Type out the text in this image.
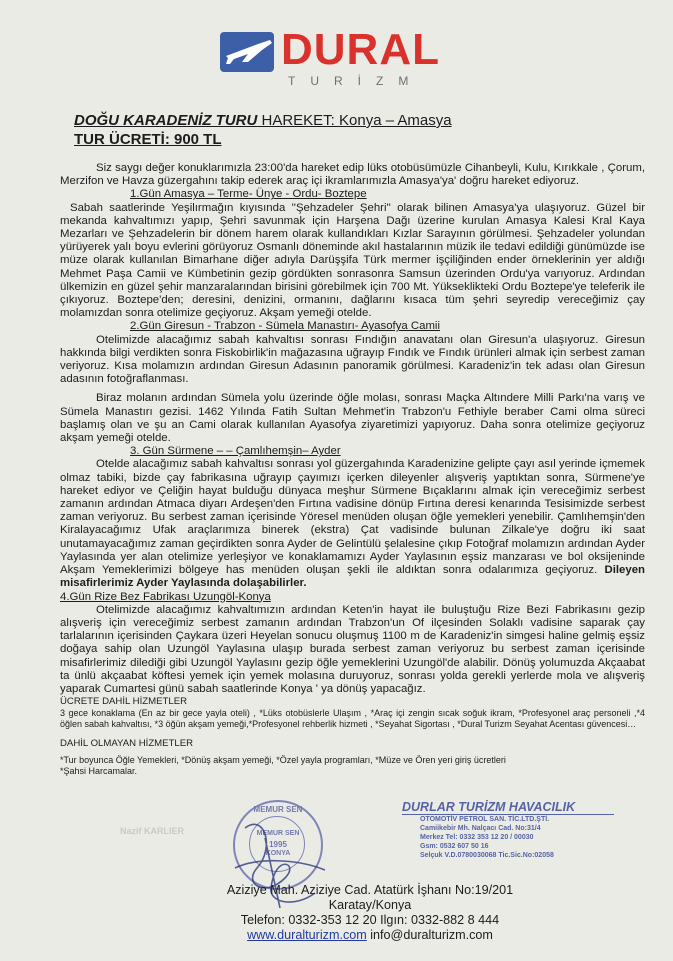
DURAL
TURİZM
DOĞU KARADENİZ TURU HAREKET: Konya – Amasya
TUR ÜCRETİ: 900 TL

Siz saygı değer konuklarımızla 23:00'da hareket edip lüks otobüsümüzle Cihanbeyli, Kulu, Kırıkkale , Çorum, Merzifon ve Havza güzergahını takip ederek araç içi ikramlarımızla Amasya'ya' doğru hareket ediyoruz.

1.Gün Amasya – Terme- Ünye - Ordu- Boztepe

Sabah saatlerinde Yeşilırmağın kıyısında ''Şehzadeler Şehri'' olarak bilinen Amasya'ya ulaşıyoruz. Güzel bir mekanda kahvaltımızı yapıp, Şehri savunmak için Harşena Dağı üzerine kurulan Amasya Kalesi Kral Kaya Mezarları ve Şehzadelerin bir dönem harem olarak kullandıkları Kızlar Sarayının görülmesi. Şehzadeler yolundan yürüyerek yalı boyu evlerini görüyoruz Osmanlı döneminde akıl hastalarının müzik ile tedavi edildiği günümüzde ise müze olarak kullanılan Bimarhane diğer adıyla Darüşşifa Türk mermer işçiliğinden ender örneklerinin yer aldığı Mehmet Paşa Camii ve Kümbetinin gezip gördükten sonrasonra Samsun üzerinden Ordu'ya varıyoruz. Ardından ülkemizin en güzel şehir manzaralarından birisini görebilmek için 700 Mt. Yükseklikteki Ordu Boztepe'ye teleferik ile çıkıyoruz. Boztepe'den; deresini, denizini, ormanını, dağlarını kısaca tüm şehri seyredip vereceğimiz çay molamızdan sonra otelimize geçiyoruz. Akşam yemeği otelde.

2.Gün Giresun - Trabzon - Sümela Manastırı- Ayasofya Camii

Otelimizde alacağımız sabah kahvaltısı sonrası Fındığın anavatanı olan Giresun'a ulaşıyoruz. Giresun hakkında bilgi verdikten sonra Fiskobirlik'in mağazasına uğrayıp Fındık ve Fındık ürünleri almak için serbest zaman veriyoruz. Kısa molamızın ardından Giresun Adasının panoramik görülmesi. Karadeniz'in tek adası olan Giresun adasının fotoğraflanması.

Biraz molanın ardından Sümela yolu üzerinde öğle molası, sonrası Maçka Altındere Milli Parkı'na varış ve Sümela Manastırı gezisi. 1462 Yılında Fatih Sultan Mehmet'in Trabzon'u Fethiyle beraber Cami olma süreci başlamış olan ve şu an Cami olarak kullanılan Ayasofya ziyaretimizi yapıyoruz. Daha sonra otelimize geçiyoruz akşam yemeği otelde.

3. Gün Sürmene – – Çamlıhemşin– Ayder

Otelde alacağımız sabah kahvaltısı sonrası yol güzergahında Karadenizine gelipte çayı asıl yerinde içmemek olmaz tabiki, bizde çay fabrikasına uğrayıp çayımızı içerken dileyenler alışveriş yaptıktan sonra, Sürmene'ye hareket ediyor ve Çeliğin hayat bulduğu dünyaca meşhur Sürmene Bıçaklarını almak için vereceğimiz serbest zamanın ardından Atmaca diyarı Ardeşen'den Fırtına vadisine dönüp Fırtına deresi kenarında Tesisimizde serbest zaman veriyoruz. Bu serbest zaman içerisinde Yöresel menüden oluşan öğle yemekleri yenebilir. Çamlıhemşin'den Kiralayacağımız Ufak araçlarımıza binerek (ekstra) Çat vadisinde bulunan Zilkale'ye doğru iki saat unutamayacağımız zaman geçirdikten sonra Ayder de Gelintülü şelalesine çıkıp Fotoğraf molamızın ardından Ayder Yaylasında yer alan otelimize yerleşiyor ve konaklamamızı Ayder Yaylasının eşsiz manzarası ve bol oksijeninde Akşam Yemeklerimizi bölgeye has menüden oluşan şekli ile aldıktan sonra odalarımıza geçiyoruz. Dileyen misafirlerimiz Ayder Yaylasında dolaşabilirler.

4.Gün Rize Bez Fabrikası Uzungöl-Konya

Otelimizde alacağımız kahvaltımızın ardından Keten'in hayat ile buluştuğu Rize Bezi Fabrikasını gezip alışveriş için vereceğimiz serbest zamanın ardından Trabzon'un Of ilçesinden Solaklı vadisine saparak çay tarlalarının içerisinden Çaykara üzeri Heyelan sonucu oluşmuş 1100 m de Karadeniz'in simgesi haline gelmiş eşsiz doğaya sahip olan Uzungöl Yaylasına ulaşıp burada serbest zaman veriyoruz bu serbest zaman içerisinde misafirlerimiz dilediği gibi Uzungöl Yaylasını gezip öğle yemeklerini Uzungöl'de alabilir. Dönüş yolumuzda Akçaabat ta ünlü akçaabat köftesi yemek için yemek molasına duruyoruz, sonrası yolda gerekli yerlerde mola ve alışveriş yaparak Cumartesi günü sabah saatlerinde Konya ' ya dönüş yapacağız.

ÜCRETE DAHİL HİZMETLER

3 gece konaklama (En az bir gece yayla oteli) , *Lüks otobüslerle Ulaşım , *Araç içi zengin sıcak soğuk ikram, *Profesyonel araç personeli ,*4 öğlen sabah kahvaltısı, *3 öğün akşam yemeği,*Profesyonel rehberlik hizmeti , *Seyahat Sigortası , *Dural Turizm Seyahat Acentası güvencesi…

DAHİL OLMAYAN HİZMETLER

*Tur boyunca Öğle Yemekleri, *Dönüş akşam yemeği, *Özel yayla programları, *Müze ve Ören yeri giriş ücretleri

*Şahsi Harcamalar.

Nazif KARLIER
MEMUR SEN
MEMUR SEN
1995
KONYA
DURLAR TURİZM HAVACILIK
OTOMOTİV PETROL SAN. TİC.LTD.ŞTİ.
Camiikebir Mh. Nalçacı Cad. No:31/4
Merkez Tel: 0332 353 12 20 / 00030
Gsm: 0532 607 50 16
Selçuk V.D.0780030068 Tic.Sic.No:02058
Aziziye Mah. Aziziye Cad. Atatürk İşhanı No:19/201 Karatay/Konya
Telefon: 0332-353 12 20 Ilgın: 0332-882 8 444
www.duralturizm.com info@duralturizm.com
